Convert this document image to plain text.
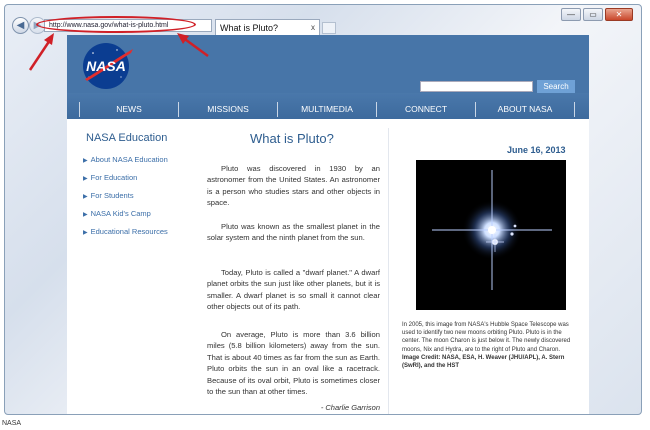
—	▭	✕
◀ ▶	http://www.nasa.gov/what-is-pluto.html	What is Pluto?	x
NASA
Search
NEWS	MISSIONS	MULTIMEDIA	CONNECT	ABOUT NASA
NASA Education
▶ About NASA Education
▶ For Education
▶ For Students
▶ NASA Kid's Camp
▶ Educational Resources
What is Pluto?
Pluto was discovered in 1930 by an astronomer from the United States. An astronomer is a person who studies stars and other objects in space.
Pluto was known as the smallest planet in the solar system and the ninth planet from the sun.
Today, Pluto is called a "dwarf planet." A dwarf planet orbits the sun just like other planets, but it is smaller. A dwarf planet is so small it cannot clear other objects out of its path.
On average, Pluto is more than 3.6 billion miles (5.8 billion kilometers) away from the sun. That is about 40 times as far from the sun as Earth. Pluto orbits the sun in an oval like a racetrack. Because of its oval orbit, Pluto is sometimes closer to the sun than at other times.
- Charlie Garrison
June 16, 2013
In 2005, this image from NASA's Hubble Space Telescope was used to identify two new moons orbiting Pluto. Pluto is in the center. The moon Charon is just below it. The newly discovered moons, Nix and Hydra, are to the right of Pluto and Charon.
Image Credit: NASA, ESA, H. Weaver (JHU/APL), A. Stern (SwRI), and the HST
NASA
